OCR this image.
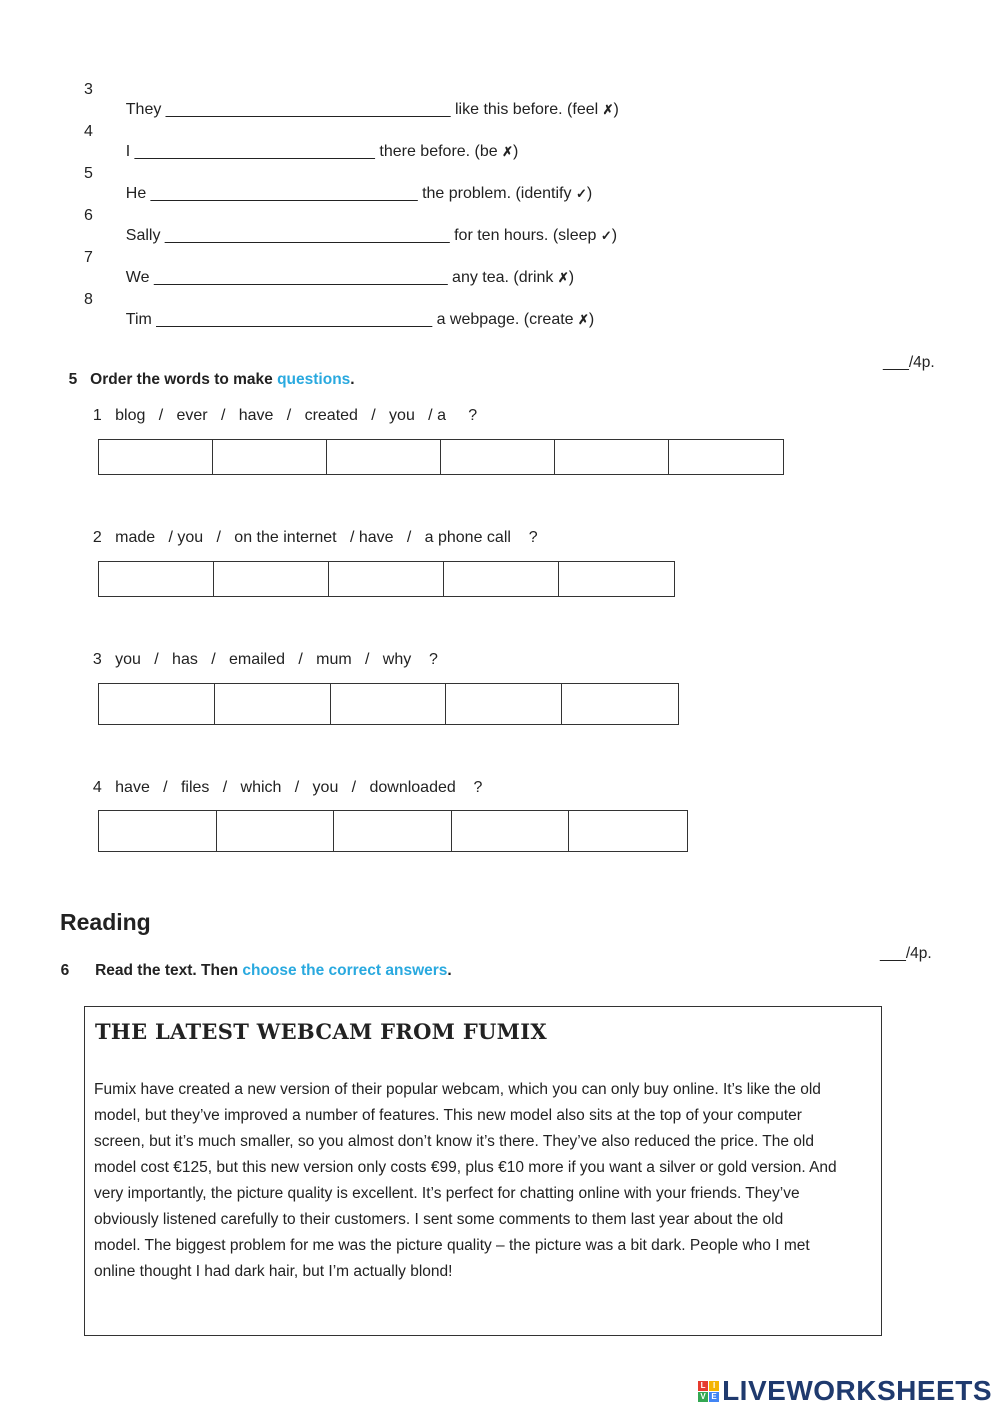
3

They ________________________________ like this before. (feel ✗)

4

I ___________________________ there before. (be ✗)

5

He ______________________________ the problem. (identify ✓)

6

Sally ________________________________ for ten hours. (sleep ✓)

7

We _________________________________ any tea. (drink ✗)

8

Tim _______________________________ a webpage. (create ✗)

5 Order the words to make questions.

___/4p.

1 blog   /   ever   /   have   /   created   /   you   / a     ?

2 made   / you   /   on the internet   / have   /   a phone call    ?

3 you   /   has   /   emailed   /   mum   /   why    ?

4 have   /   files   /   which   /   you   /   downloaded    ?

Reading

6 Read the text. Then choose the correct answers.

___/4p.
THE LATEST WEBCAM FROM FUMIX
Fumix have created a new version of their popular webcam, which you can only buy online. It’s like the old
model, but they’ve improved a number of features. This new model also sits at the top of your computer
screen, but it’s much smaller, so you almost don’t know it’s there. They’ve also reduced the price. The old
model cost €125, but this new version only costs €99, plus €10 more if you want a silver or gold version. And
very importantly, the picture quality is excellent. It’s perfect for chatting online with your friends. They’ve
obviously listened carefully to their customers. I sent some comments to them last year about the old
model. The biggest problem for me was the picture quality – the picture was a bit dark. People who I met
online thought I had dark hair, but I’m actually blond!
L I
V E LIVEWORKSHEETS
